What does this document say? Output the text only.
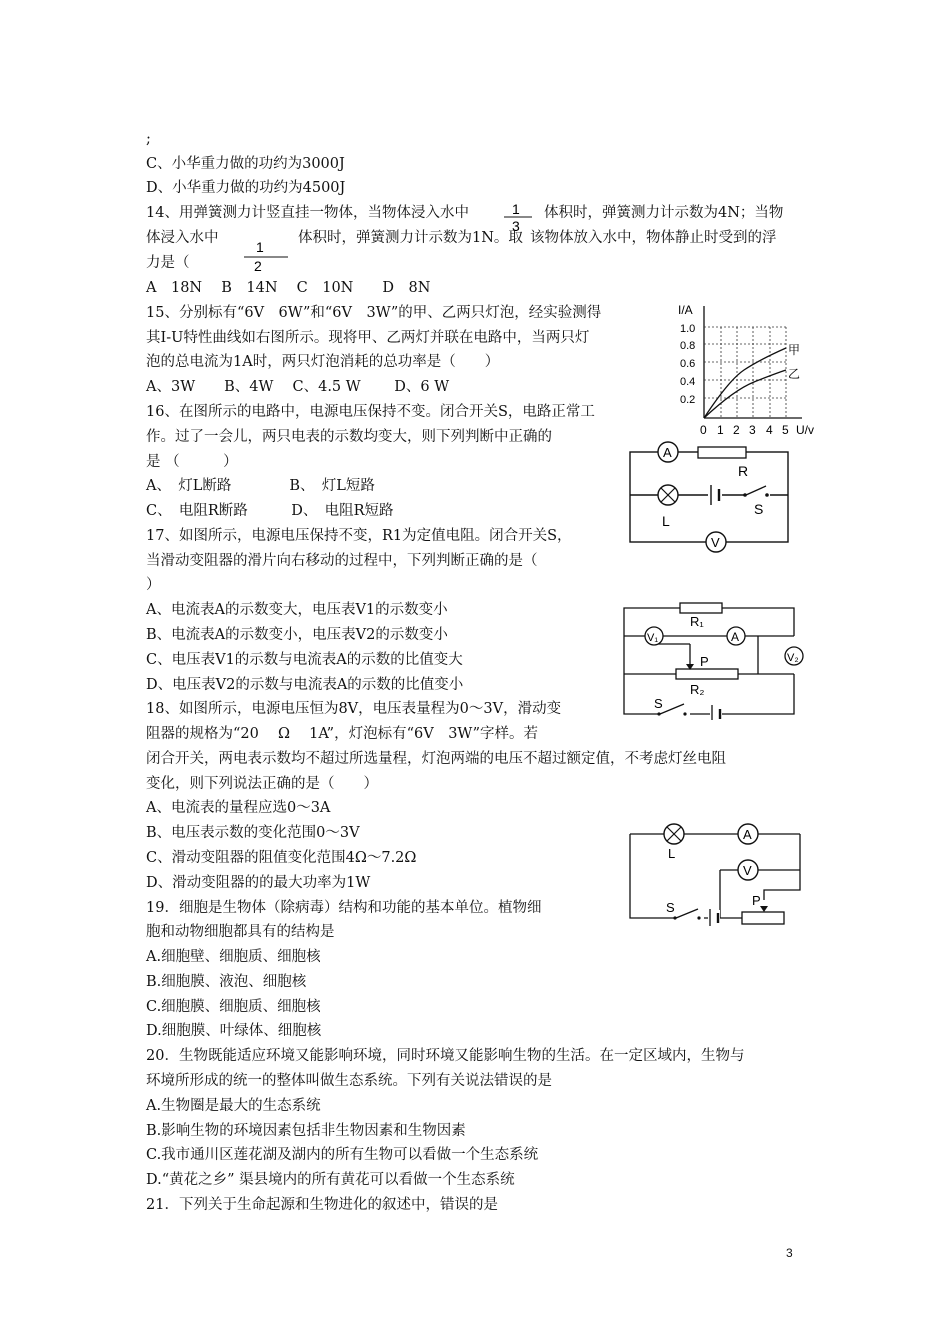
;
C、小华重力做的功约为3000J
D、小华重力做的功约为4500J
14、用弹簧测力计竖直挂一物体，当物体浸入水中	体积时，弹簧测力计示数为4N；当物
体浸入水中	体积时，弹簧测力计示数为1N。取 该物体放入水中，物体静止时受到的浮
力是（
A　18N　 B　14N　 C　10N　　D　8N
15、分别标有“6V　6W”和“6V　3W”的甲、乙两只灯泡，经实验测得
其I-U特性曲线如右图所示。现将甲、乙两灯并联在电路中，当两只灯
泡的总电流为1A时，两只灯泡消耗的总功率是（　　）
A、3W　　B、4W　 C、4.5 W　　 D、6 W
16、在图所示的电路中，电源电压保持不变。闭合开关S，电路正常工
作。过了一会儿，两只电表的示数均变大，则下列判断中正确的
是 （　　　）
A、　灯L断路　　　　B、　灯L短路
C、　电阻R断路　　　D、　电阻R短路
17、如图所示，电源电压保持不变，R1为定值电阻。闭合开关S，
当滑动变阻器的滑片向右移动的过程中，下列判断正确的是（
）
A、电流表A的示数变大，电压表V1的示数变小
B、电流表A的示数变小，电压表V2的示数变小
C、电压表V1的示数与电流表A的示数的比值变大
D、电压表V2的示数与电流表A的示数的比值变小
18、如图所示，电源电压恒为8V，电压表量程为0～3V，滑动变
阻器的规格为“20　 Ω　 1A”，灯泡标有“6V　3W”字样。若
闭合开关，两电表示数均不超过所选量程，灯泡两端的电压不超过额定值，不考虑灯丝电阻
变化，则下列说法正确的是（　　）
A、电流表的量程应选0～3A
B、电压表示数的变化范围0～3V
C、滑动变阻器的阻值变化范围4Ω～7.2Ω
D、滑动变阻器的的最大功率为1W
19．细胞是生物体（除病毒）结构和功能的基本单位。植物细
胞和动物细胞都具有的结构是
A.细胞壁、细胞质、细胞核
B.细胞膜、液泡、细胞核
C.细胞膜、细胞质、细胞核
D.细胞膜、叶绿体、细胞核
20．生物既能适应环境又能影响环境，同时环境又能影响生物的生活。在一定区域内，生物与
环境所形成的统一的整体叫做生态系统。下列有关说法错误的是
A.生物圈是最大的生态系统
B.影响生物的环境因素包括非生物因素和生物因素
C.我市通川区莲花湖及湖内的所有生物可以看做一个生态系统
D.“黄花之乡” 渠县境内的所有黄花可以看做一个生态系统
21．下列关于生命起源和生物进化的叙述中，错误的是
1
3
1
2
I/A
1.0
0.8
0.6
0.4
0.2
0 1 2 3 4 5 U/v
甲
乙
A
R
L
S
V
R₁
V₁	A
V₂
P
R₂
S
L
A
V
P
S
3
